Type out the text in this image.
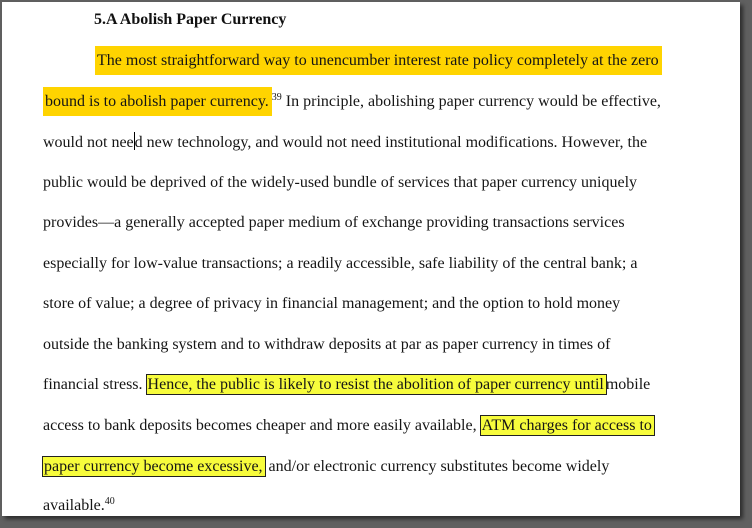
5.A Abolish Paper Currency
The most straightforward way to unencumber interest rate policy completely at the zero
bound is to abolish paper currency. $^{39}$ In principle, abolishing paper currency would be effective,
would not need new technology, and would not need institutional modifications. However, the
public would be deprived of the widely-used bundle of services that paper currency uniquely
provides—a generally accepted paper medium of exchange providing transactions services
especially for low-value transactions; a readily accessible, safe liability of the central bank; a
store of value; a degree of privacy in financial management; and the option to hold money
outside the banking system and to withdraw deposits at par as paper currency in times of
financial stress. Hence, the public is likely to resist the abolition of paper currency until mobile
access to bank deposits becomes cheaper and more easily available, ATM charges for access to
paper currency become excessive, and/or electronic currency substitutes become widely
available.$^{40}$
